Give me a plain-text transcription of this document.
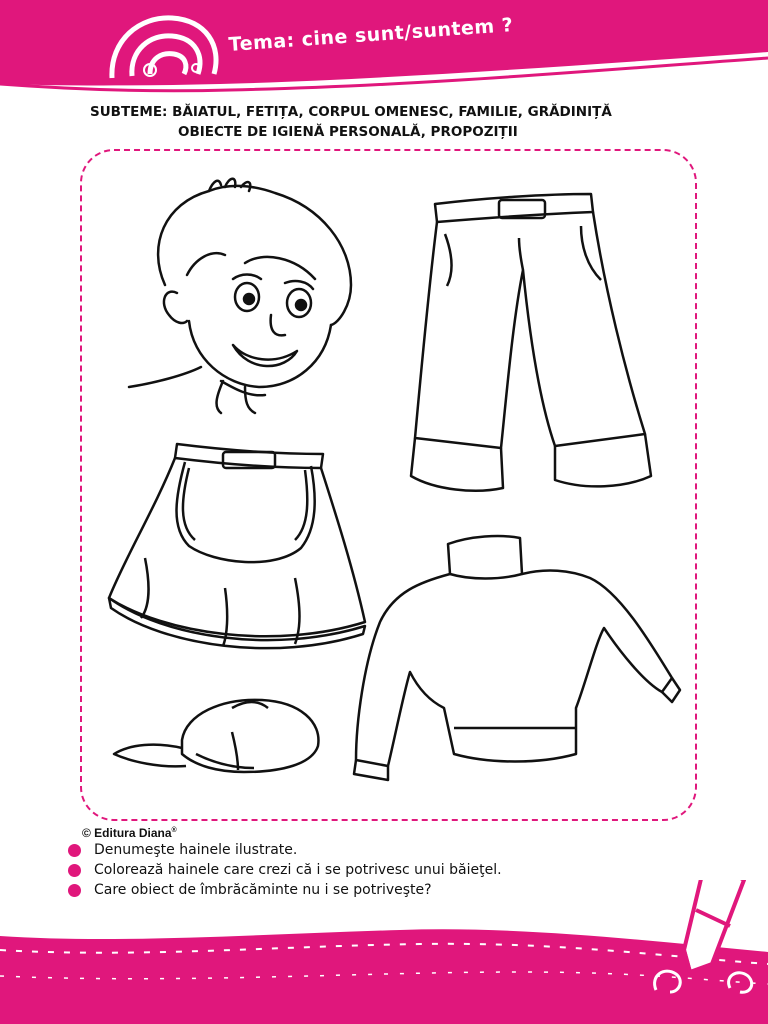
Tema: cine sunt/suntem ?
SUBTEME: BĂIATUL, FETIȚA, CORPUL OMENESC, FAMILIE, GRĂDINIȚĂ
OBIECTE DE IGIENĂ PERSONALĂ, PROPOZIȚII
© Editura Diana®
Denumeşte hainele ilustrate.
Colorează hainele care crezi că i se potrivesc unui băieţel.
Care obiect de îmbrăcăminte nu i se potriveşte?
